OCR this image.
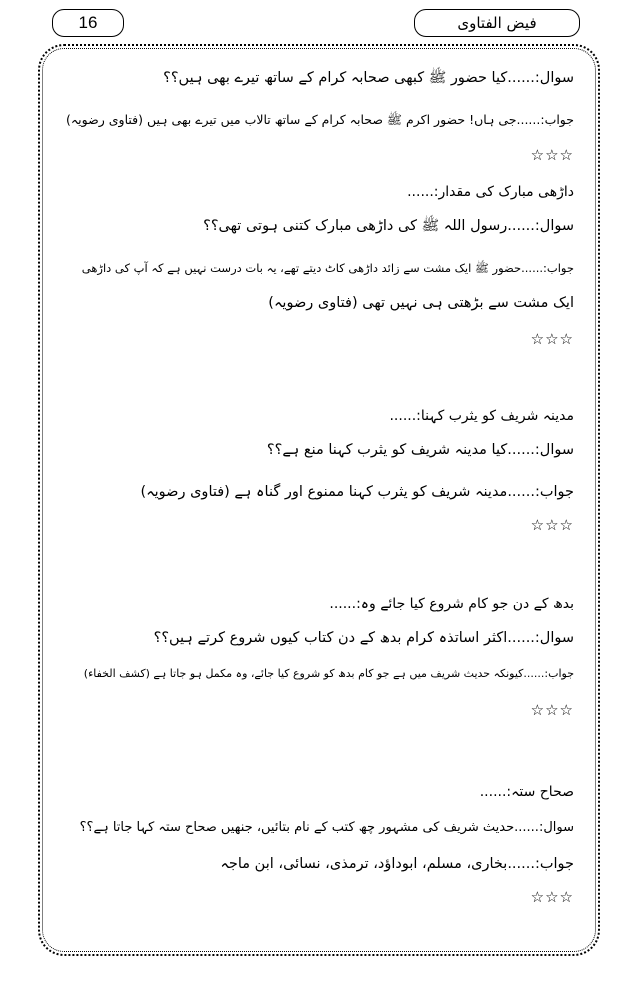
16	فیض الفتاوی
سوال:......کیا حضور ﷺ کبھی صحابہ کرام کے ساتھ تیرے بھی ہیں؟؟
جواب:......جی ہاں! حضور اکرم ﷺ صحابہ کرام کے ساتھ تالاب میں تیرے بھی ہیں (فتاوی رضویہ)
☆☆☆
داڑھی مبارک کی مقدار:......
سوال:......رسول اللہ ﷺ کی داڑھی مبارک کتنی ہوتی تھی؟؟
جواب:......حضور ﷺ ایک مشت سے زائد داڑھی کاٹ دیتے تھے، یہ بات درست نہیں ہے کہ آپ کی داڑھی
ایک مشت سے بڑھتی ہی نہیں تھی (فتاوی رضویہ)
☆☆☆
مدینہ شریف کو یثرب کہنا:......
سوال:......کیا مدینہ شریف کو یثرب کہنا منع ہے؟؟
جواب:......مدینہ شریف کو یثرب کہنا ممنوع اور گناہ ہے (فتاوی رضویہ)
☆☆☆
بدھ کے دن جو کام شروع کیا جائے وہ:......
سوال:......اکثر اساتذہ کرام بدھ کے دن کتاب کیوں شروع کرتے ہیں؟؟
جواب:......کیونکہ حدیث شریف میں ہے جو کام بدھ کو شروع کیا جائے، وہ مکمل ہو جاتا ہے (کشف الخفاء)
☆☆☆
صحاح ستہ:......
سوال:......حدیث شریف کی مشہور چھ کتب کے نام بتائیں، جنھیں صحاح ستہ کہا جاتا ہے؟؟
جواب:......بخاری، مسلم، ابوداؤد، ترمذی، نسائی، ابن ماجہ
☆☆☆
